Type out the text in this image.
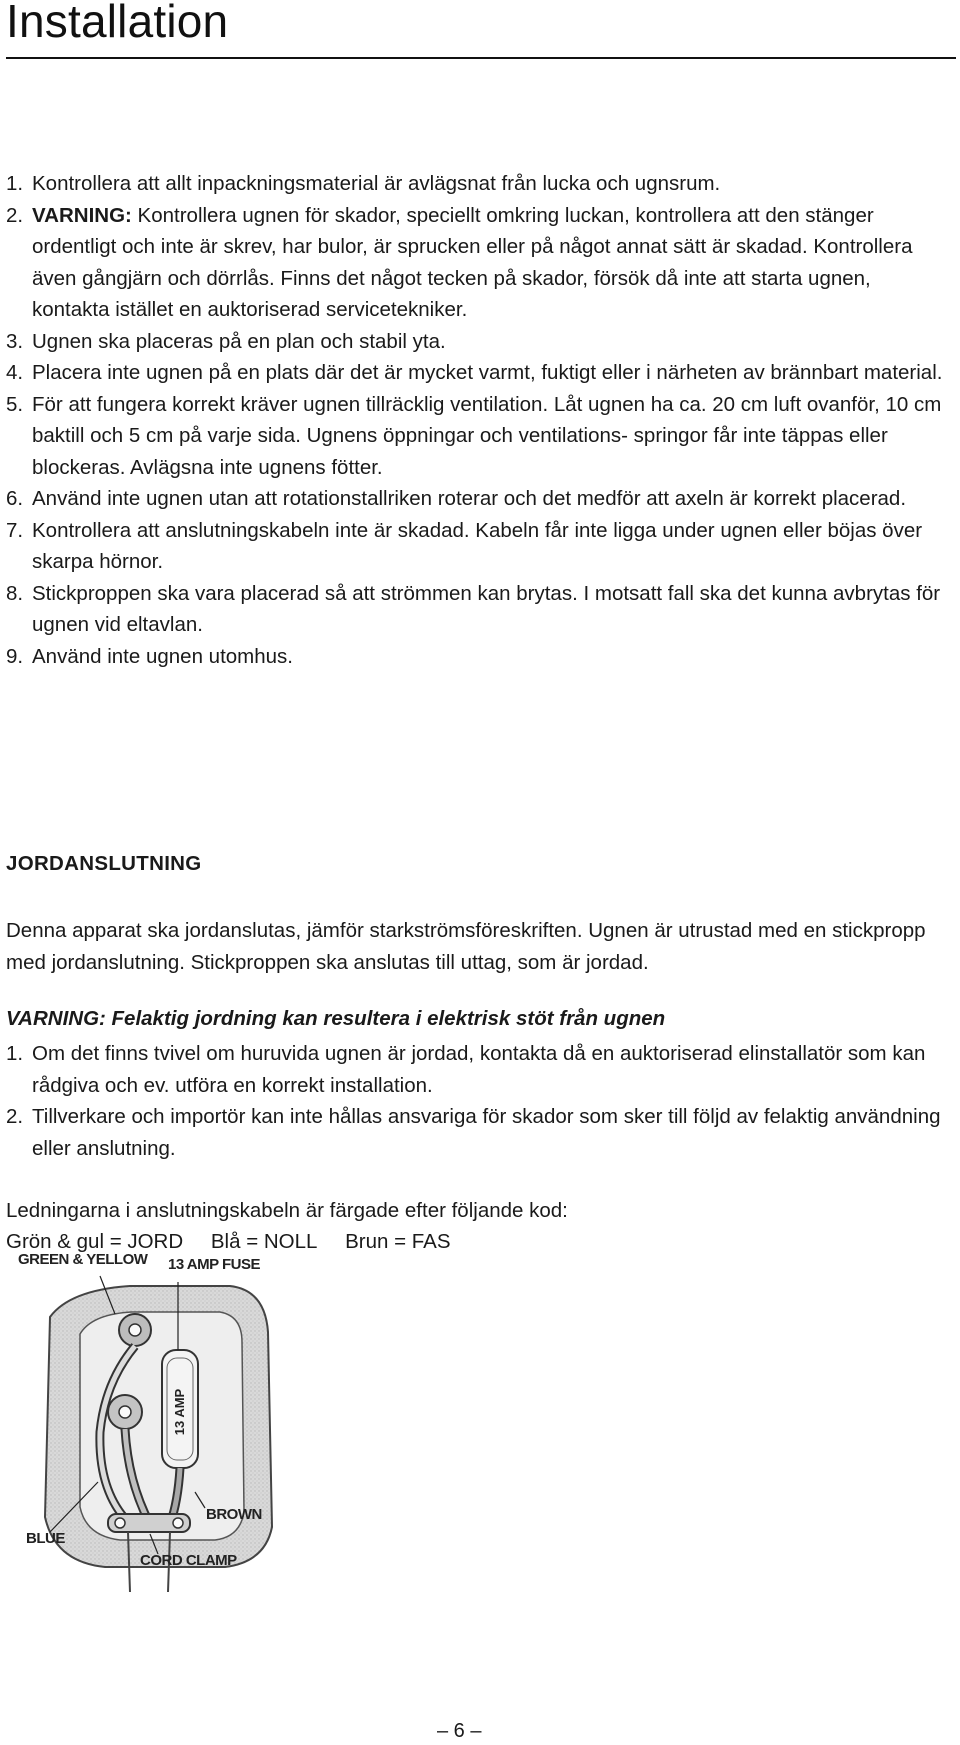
Installation
1. Kontrollera att allt inpackningsmaterial är avlägsnat från lucka och ugnsrum.
2. VARNING: Kontrollera ugnen för skador, speciellt omkring luckan, kontrollera att den stänger ordentligt och inte är skrev, har bulor, är sprucken eller på något annat sätt är skadad. Kontrollera även gångjärn och dörrlås. Finns det något tecken på skador, försök då inte att starta ugnen, kontakta istället en auktoriserad servicetekniker.
3. Ugnen ska placeras på en plan och stabil yta.
4. Placera inte ugnen på en plats där det är mycket varmt, fuktigt eller i närheten av brännbart material.
5. För att fungera korrekt kräver ugnen tillräcklig ventilation. Låt ugnen ha ca. 20 cm luft ovanför, 10 cm baktill och 5 cm på varje sida. Ugnens öppningar och ventilations- springor får inte täppas eller blockeras. Avlägsna inte ugnens fötter.
6. Använd inte ugnen utan att rotationstallriken roterar och det medför att axeln är korrekt placerad.
7. Kontrollera att anslutningskabeln inte är skadad. Kabeln får inte ligga under ugnen eller böjas över skarpa hörnor.
8. Stickproppen ska vara placerad så att strömmen kan brytas. I motsatt fall ska det kunna avbrytas för ugnen vid eltavlan.
9. Använd inte ugnen utomhus.
JORDANSLUTNING

Denna apparat ska jordanslutas, jämför starkströmsföreskriften. Ugnen är utrustad med en stickpropp med jordanslutning. Stickproppen ska anslutas till uttag, som är jordad.

VARNING: Felaktig jordning kan resultera i elektrisk stöt från ugnen

1. Om det finns tvivel om huruvida ugnen är jordad, kontakta då en auktoriserad elinstallatör som kan rådgiva och ev. utföra en korrekt installation.
2. Tillverkare och importör kan inte hållas ansvariga för skador som sker till följd av felaktig användning eller anslutning.

Ledningarna i anslutningskabeln är färgade efter följande kod:

Grön & gul = JORD Blå = NOLL Brun = FAS
13 AMP
GREEN & YELLOW 13 AMP FUSE
BROWN
BLUE
CORD CLAMP
– 6 –
